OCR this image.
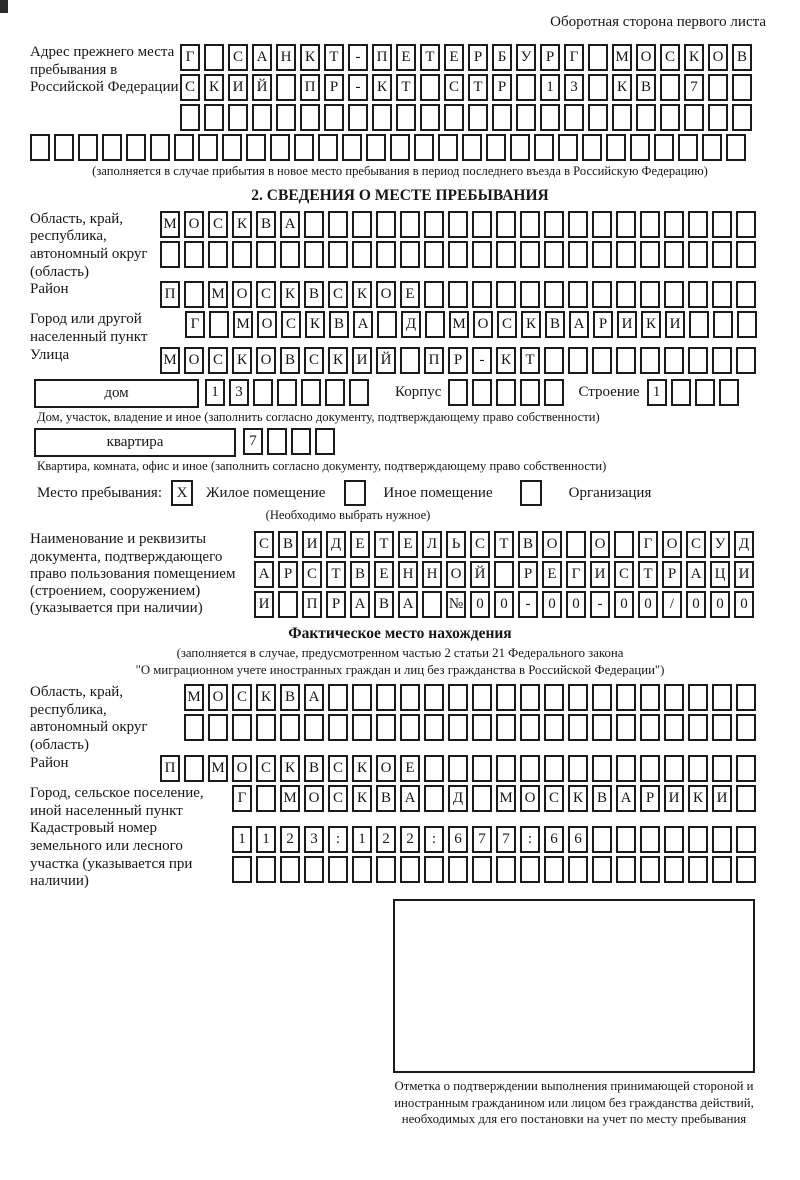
Оборотная сторона первого листа
Адрес прежнего места пребывания в Российской Федерации
Г	С А Н К Т	-	П Е Т Е	Р	Б У Р	Г	М О С К О В
С К И Й	П Р	-	К Т	С Т	Р	1	3	К В	7
(заполняется в случае прибытия в новое место пребывания в период последнего въезда в Российскую Федерацию)
2. СВЕДЕНИЯ О МЕСТЕ ПРЕБЫВАНИЯ
Область, край, республика, автономный округ (область)
М О С К В А
Район	П	М О С К В С К О Е
Город или другой населенный пункт
Г	М О С К В А	Д	М О С К В А Р И К И
Улица	М О С К О В С К И Й	П Р	-	К Т
дом	1	3	Корпус	Строение 1
Дом, участок, владение и иное (заполнить согласно документу, подтверждающему право собственности)
квартира	7
Квартира, комната, офис и иное (заполнить согласно документу, подтверждающему право собственности)
Место пребывания: X	Жилое помещение	Иное помещение	Организация
(Необходимо выбрать нужное)
Наименование и реквизиты документа, подтверждающего право пользования помещением (строением, сооружением) (указывается при наличии)
С В И Д Е Т Е Л Ь С Т В О	О	Г О С У Д
А Р С Т В Е Н Н О Й	Р	Е	Г И С Т	Р А Ц И
И	П Р А В А	№ 0	0	-	0	0	-	0	0	/	0	0	0
Фактическое место нахождения
(заполняется в случае, предусмотренном частью 2 статьи 21 Федерального закона
"О миграционном учете иностранных граждан и лиц без гражданства в Российской Федерации")
Область, край, республика, автономный округ (область)
М О С К В А
Район	П	М О С К В С К О Е
Город, сельское поселение, иной населенный пункт
Г	М О С К В А	Д	М О С К В А Р И К И
Кадастровый номер земельного или лесного участка (указывается при наличии)
1	1	2	3	:	1	2	2	:	6	7	7	:	6	6
Отметка о подтверждении выполнения принимающей стороной и иностранным гражданином или лицом без гражданства действий, необходимых для его постановки на учет по месту пребывания
